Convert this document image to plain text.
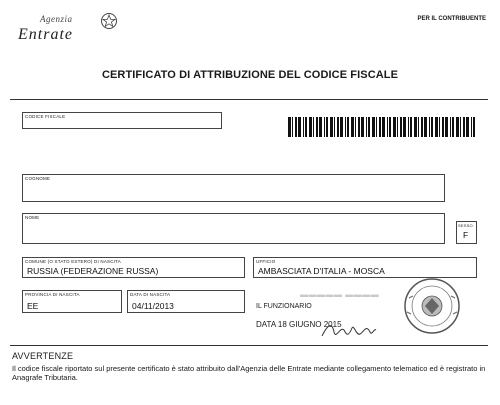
Agenzia
Entrate
PER IL CONTRIBUENTE
CERTIFICATO DI ATTRIBUZIONE DEL CODICE FISCALE
CODICE FISCALE
COGNOME
NOME
SESSO
F
COMUNE (O STATO ESTERO) DI NASCITA
RUSSIA (FEDERAZIONE RUSSA)
UFFICIO
AMBASCIATA D'ITALIA - MOSCA
PROVINCIA DI NASCITA
EE
DATA DI NASCITA
04/11/2013	IL FUNZIONARIO
▬▬▬▬▬ ▬▬▬▬
DATA 18 GIUGNO 2015
AVVERTENZE
Il codice fiscale riportato sul presente certificato è stato attribuito dall'Agenzia delle Entrate mediante collegamento telematico ed è registrato in Anagrafe Tributaria.
